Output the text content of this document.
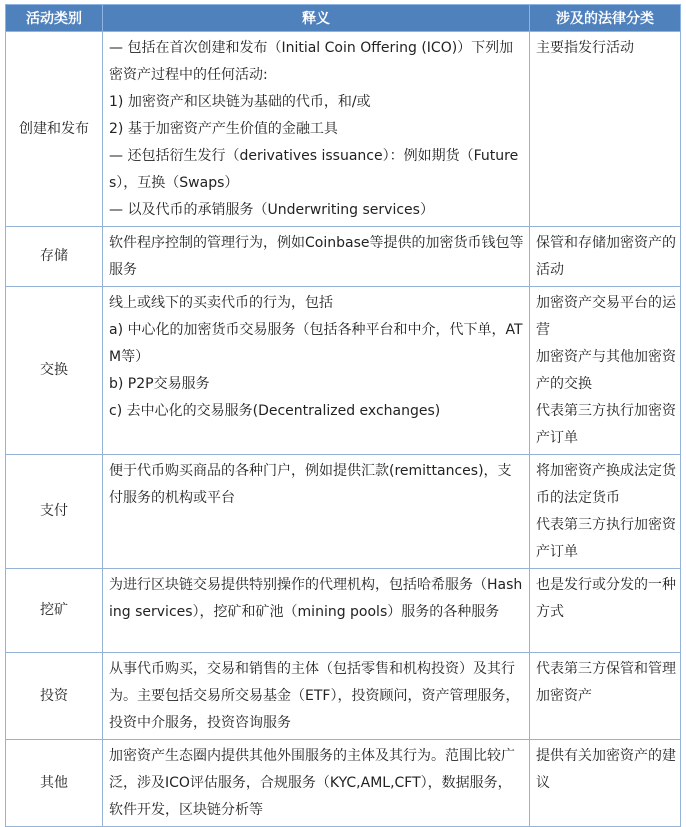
活动类别	释义	涉及的法律分类
创建和发布	— 包括在首次创建和发布（Initial Coin Offering (ICO)）下列加密资产过程中的任何活动:
1) 加密资产和区块链为基础的代币，和/或
2) 基于加密资产产生价值的金融工具
— 还包括衍生发行（derivatives issuance）：例如期货（Futures），互换（Swaps）
— 以及代币的承销服务（Underwriting services）	主要指发行活动

存储	软件程序控制的管理行为，例如Coinbase等提供的加密货币钱包等服务	保管和存储加密资产的活动

交换	线上或线下的买卖代币的行为，包括
a) 中心化的加密货币交易服务（包括各种平台和中介，代下单，ATM等）
b) P2P交易服务
c) 去中心化的交易服务(Decentralized exchanges)	加密资产交易平台的运营
加密资产与其他加密资产的交换
代表第三方执行加密资产订单

支付	便于代币购买商品的各种门户，例如提供汇款(remittances)，支付服务的机构或平台	将加密资产换成法定货币的法定货币
代表第三方执行加密资产订单

挖矿	为进行区块链交易提供特别操作的代理机构，包括哈希服务（Hashing services），挖矿和矿池（mining pools）服务的各种服务	也是发行或分发的一种方式

投资	从事代币购买，交易和销售的主体（包括零售和机构投资）及其行为。主要包括交易所交易基金（ETF），投资顾问，资产管理服务，投资中介服务，投资咨询服务	代表第三方保管和管理加密资产

其他	加密资产生态圈内提供其他外围服务的主体及其行为。范围比较广泛，涉及ICO评估服务，合规服务（KYC,AML,CFT），数据服务，软件开发，区块链分析等	提供有关加密资产的建议
